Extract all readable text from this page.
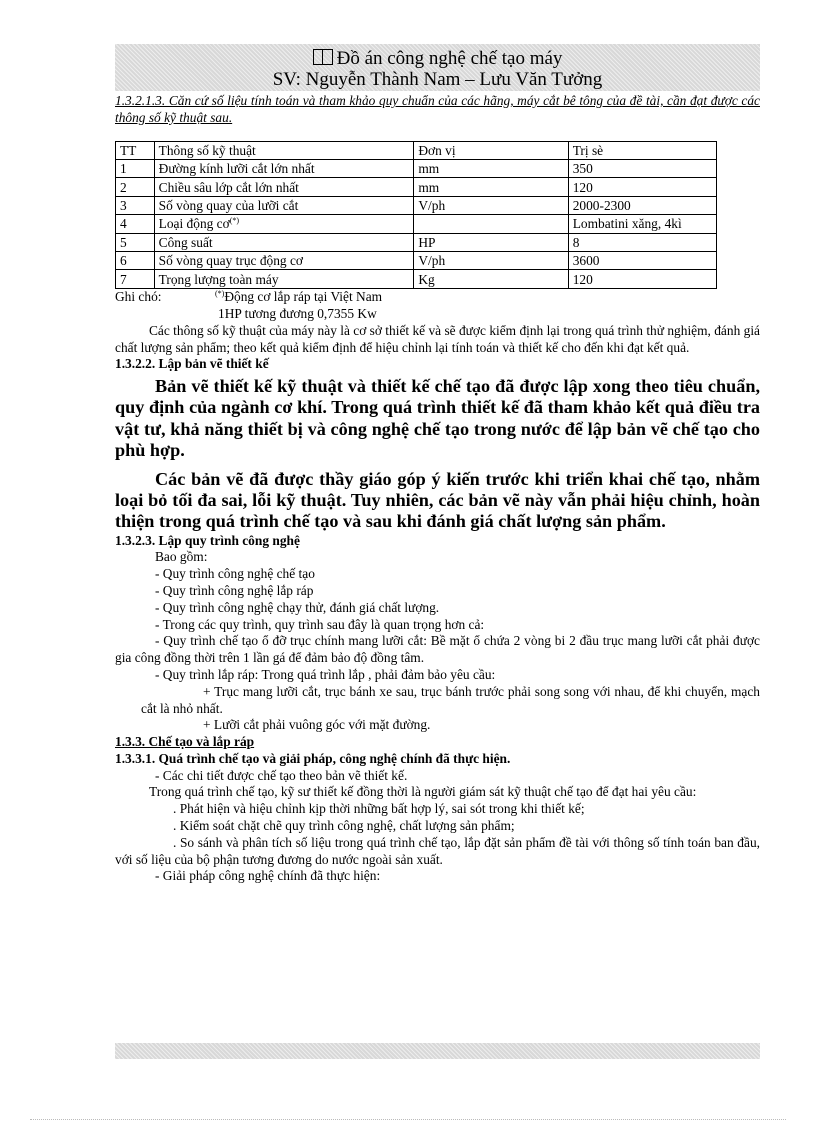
Đồ án công nghệ chế tạo máy
SV: Nguyễn Thành Nam – Lưu Văn Tưởng

1.3.2.1.3. Căn cứ số liệu tính toán và tham khảo quy chuẩn của các hãng, máy cắt bê tông của đề tài, cần đạt được các thông số kỹ thuật sau.

TT	Thông số kỹ thuật	Đơn vị	Trị sè
1	Đường kính lưỡi cắt lớn nhất	mm	350
2	Chiều sâu lớp cắt lớn nhất	mm	120
3	Số vòng quay của lưỡi cắt	V/ph	2000-2300
4	Loại động cơ(*)		Lombatini xăng, 4kì
5	Công suất	HP	8
6	Số vòng quay trục động cơ	V/ph	3600
7	Trọng lượng toàn máy	Kg	120
Ghi chó:	(*)Động cơ lắp ráp tại Việt Nam
1HP tương đương 0,7355 Kw

Các thông số kỹ thuật của máy này là cơ sở thiết kế và sẽ được kiểm định lại trong quá trình thử nghiệm, đánh giá chất lượng sản phẩm; theo kết quả kiểm định để hiệu chỉnh lại tính toán và thiết kế cho đến khi đạt kết quả.

1.3.2.2. Lập bản vẽ thiết kế

Bản vẽ thiết kế kỹ thuật và thiết kế chế tạo đã được lập xong theo tiêu chuẩn, quy định của ngành cơ khí. Trong quá trình thiết kế đã tham khảo kết quả điều tra vật tư, khả năng thiết bị và công nghệ chế tạo trong nước để lập bản vẽ chế tạo cho phù hợp.

Các bản vẽ đã được thầy giáo góp ý kiến trước khi triển khai chế tạo, nhằm loại bỏ tối đa sai, lỗi kỹ thuật. Tuy nhiên, các bản vẽ này vẫn phải hiệu chỉnh, hoàn thiện trong quá trình chế tạo và sau khi đánh giá chất lượng sản phẩm.

1.3.2.3. Lập quy trình công nghệ

Bao gồm:

- Quy trình công nghệ chế tạo

- Quy trình công nghệ lắp ráp

- Quy trình công nghệ chạy thử, đánh giá chất lượng.

- Trong các quy trình, quy trình sau đây là quan trọng hơn cả:

- Quy trình chế tạo ổ đỡ trục chính mang lưỡi cắt: Bề mặt ổ chứa 2 vòng bi 2 đầu trục mang lưỡi cắt phải được gia công đồng thời trên 1 lần gá để đảm bảo độ đồng tâm.

- Quy trình lắp ráp: Trong quá trình lắp , phải đảm bảo yêu cầu:

+ Trục mang lưỡi cắt, trục bánh xe sau, trục bánh trước phải song song với nhau, để khi chuyển, mạch cắt là nhỏ nhất.

+ Lưỡi cắt phải vuông góc với mặt đường.

1.3.3. Chế tạo và lắp ráp

1.3.3.1. Quá trình chế tạo và giải pháp, công nghệ chính đã thực hiện.

- Các chi tiết được chế tạo theo bản vẽ thiết kế.

Trong quá trình chế tạo, kỹ sư thiết kế đồng thời là người giám sát kỹ thuật chế tạo để đạt hai yêu cầu:

. Phát hiện và hiệu chỉnh kịp thời những bất hợp lý, sai sót trong khi thiết kế;

. Kiểm soát chặt chẽ quy trình công nghệ, chất lượng sản phẩm;

. So sánh và phân tích số liệu trong quá trình chế tạo, lắp đặt sản phẩm đề tài với thông số tính toán ban đầu, với số liệu của bộ phận tương đương do nước ngoài sản xuất.

- Giải pháp công nghệ chính đã thực hiện:
